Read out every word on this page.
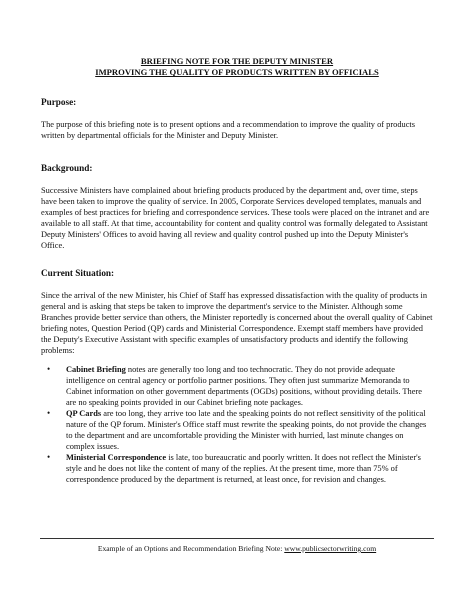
BRIEFING NOTE FOR THE DEPUTY MINISTER
IMPROVING THE QUALITY OF PRODUCTS WRITTEN BY OFFICIALS
Purpose:

The purpose of this briefing note is to present options and a recommendation to improve the quality of products written by departmental officials for the Minister and Deputy Minister.

Background:

Successive Ministers have complained about briefing products produced by the department and, over time, steps have been taken to improve the quality of service. In 2005, Corporate Services developed templates, manuals and examples of best practices for briefing and correspondence services. These tools were placed on the intranet and are available to all staff. At that time, accountability for content and quality control was formally delegated to Assistant Deputy Ministers' Offices to avoid having all review and quality control pushed up into the Deputy Minister's Office.

Current Situation:

Since the arrival of the new Minister, his Chief of Staff has expressed dissatisfaction with the quality of products in general and is asking that steps be taken to improve the department's service to the Minister. Although some Branches provide better service than others, the Minister reportedly is concerned about the overall quality of Cabinet briefing notes, Question Period (QP) cards and Ministerial Correspondence. Exempt staff members have provided the Deputy's Executive Assistant with specific examples of unsatisfactory products and identify the following problems:

• Cabinet Briefing notes are generally too long and too technocratic. They do not provide adequate intelligence on central agency or portfolio partner positions. They often just summarize Memoranda to Cabinet information on other government departments (OGDs) positions, without providing details. There are no speaking points provided in our Cabinet briefing note packages.
• QP Cards are too long, they arrive too late and the speaking points do not reflect sensitivity of the political nature of the QP forum. Minister's Office staff must rewrite the speaking points, do not provide the changes to the department and are uncomfortable providing the Minister with hurried, last minute changes on complex issues.
• Ministerial Correspondence is late, too bureaucratic and poorly written. It does not reflect the Minister's style and he does not like the content of many of the replies. At the present time, more than 75% of correspondence produced by the department is returned, at least once, for revision and changes.
Example of an Options and Recommendation Briefing Note: www.publicsectorwriting.com
